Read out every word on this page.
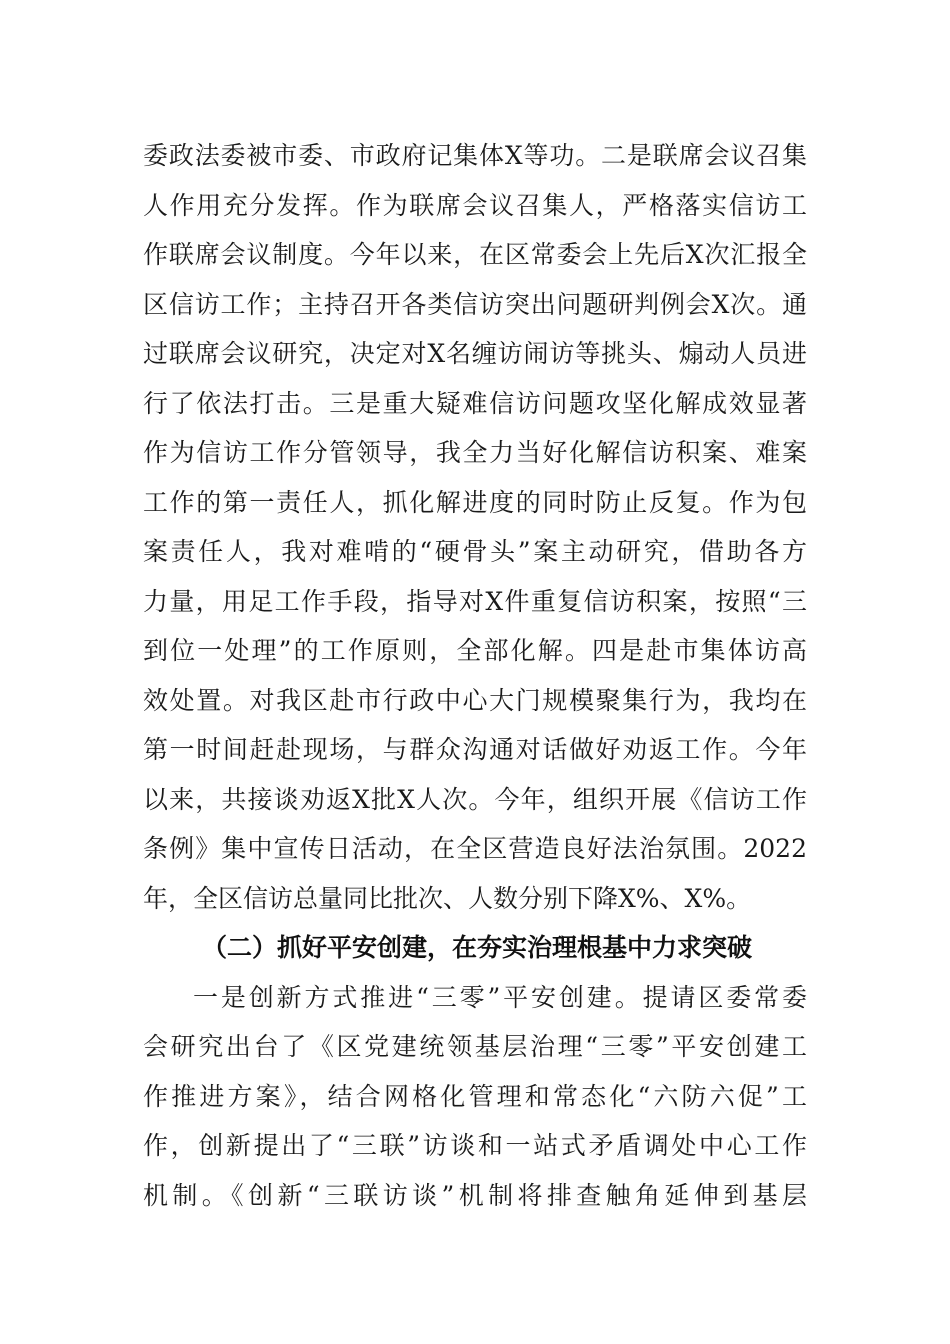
委政法委被市委、市政府记集体Ⅹ等功。二是联席会议召集
人作用充分发挥。作为联席会议召集人，严格落实信访工
作联席会议制度。今年以来，在区常委会上先后Ⅹ次汇报全
区信访工作；主持召开各类信访突出问题研判例会Ⅹ次。通
过联席会议研究，决定对Ⅹ名缠访闹访等挑头、煽动人员进
行了依法打击。三是重大疑难信访问题攻坚化解成效显著
作为信访工作分管领导，我全力当好化解信访积案、难案
工作的第一责任人，抓化解进度的同时防止反复。作为包
案责任人，我对难啃的“硬骨头”案主动研究，借助各方
力量，用足工作手段，指导对Ⅹ件重复信访积案，按照“三
到位一处理”的工作原则，全部化解。四是赴市集体访高
效处置。对我区赴市行政中心大门规模聚集行为，我均在
第一时间赶赴现场，与群众沟通对话做好劝返工作。今年
以来，共接谈劝返Ⅹ批Ⅹ人次。今年，组织开展《信访工作
条例》集中宣传日活动，在全区营造良好法治氛围。2022
年，全区信访总量同比批次、人数分别下降Ⅹ%、Ⅹ%。
（二）抓好平安创建，在夯实治理根基中力求突破
一是创新方式推进“三零”平安创建。提请区委常委
会研究出台了《区党建统领基层治理“三零”平安创建工
作推进方案》，结合网格化管理和常态化“六防六促”工
作，创新提出了“三联”访谈和一站式矛盾调处中心工作
机制。《创新“三联访谈”机制将排查触角延伸到基层
